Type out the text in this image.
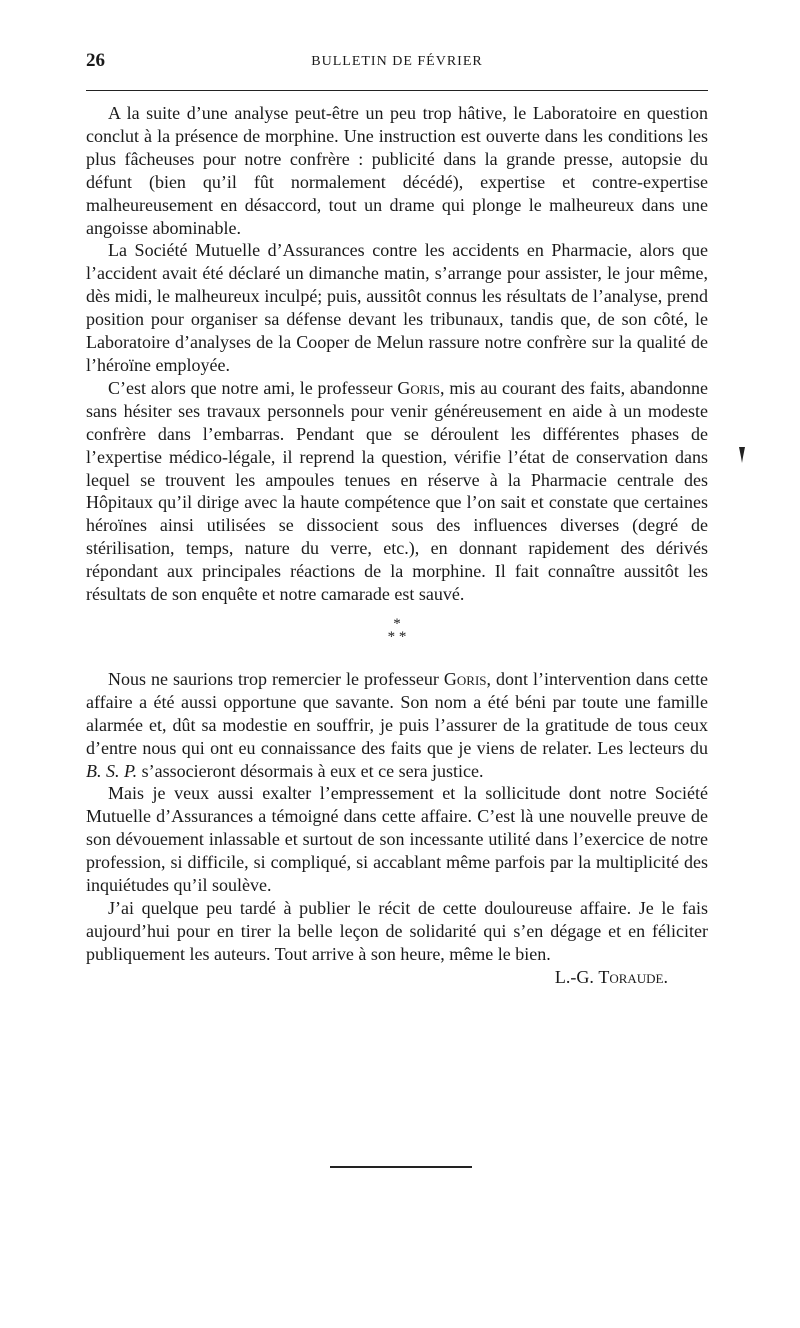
26	BULLETIN DE FÉVRIER

A la suite d’une analyse peut-être un peu trop hâtive, le Laboratoire en question conclut à la présence de morphine. Une instruction est ouverte dans les conditions les plus fâcheuses pour notre confrère : publicité dans la grande presse, autopsie du défunt (bien qu’il fût normalement décédé), expertise et contre-expertise malheureusement en désaccord, tout un drame qui plonge le malheureux dans une angoisse abominable.

La Société Mutuelle d’Assurances contre les accidents en Pharmacie, alors que l’accident avait été déclaré un dimanche matin, s’arrange pour assister, le jour même, dès midi, le malheureux inculpé; puis, aussitôt connus les résultats de l’analyse, prend position pour organiser sa défense devant les tribunaux, tandis que, de son côté, le Laboratoire d’analyses de la Cooper de Melun rassure notre confrère sur la qualité de l’héroïne employée.

C’est alors que notre ami, le professeur Goris, mis au courant des faits, abandonne sans hésiter ses travaux personnels pour venir généreusement en aide à un modeste confrère dans l’embarras. Pendant que se déroulent les différentes phases de l’expertise médico-légale, il reprend la question, vérifie l’état de conservation dans lequel se trouvent les ampoules tenues en réserve à la Pharmacie centrale des Hôpitaux qu’il dirige avec la haute compétence que l’on sait et constate que certaines héroïnes ainsi utilisées se dissocient sous des influences diverses (degré de stérilisation, temps, nature du verre, etc.), en donnant rapidement des dérivés répondant aux principales réactions de la morphine. Il fait connaître aussitôt les résultats de son enquête et notre camarade est sauvé.

*
* *

Nous ne saurions trop remercier le professeur Goris, dont l’intervention dans cette affaire a été aussi opportune que savante. Son nom a été béni par toute une famille alarmée et, dût sa modestie en souffrir, je puis l’assurer de la gratitude de tous ceux d’entre nous qui ont eu connaissance des faits que je viens de relater. Les lecteurs du B. S. P. s’associeront désormais à eux et ce sera justice.

Mais je veux aussi exalter l’empressement et la sollicitude dont notre Société Mutuelle d’Assurances a témoigné dans cette affaire. C’est là une nouvelle preuve de son dévouement inlassable et surtout de son incessante utilité dans l’exercice de notre profession, si difficile, si compliqué, si accablant même parfois par la multiplicité des inquiétudes qu’il soulève.

J’ai quelque peu tardé à publier le récit de cette douloureuse affaire. Je le fais aujourd’hui pour en tirer la belle leçon de solidarité qui s’en dégage et en féliciter publiquement les auteurs. Tout arrive à son heure, même le bien.
L.-G. Toraude.
